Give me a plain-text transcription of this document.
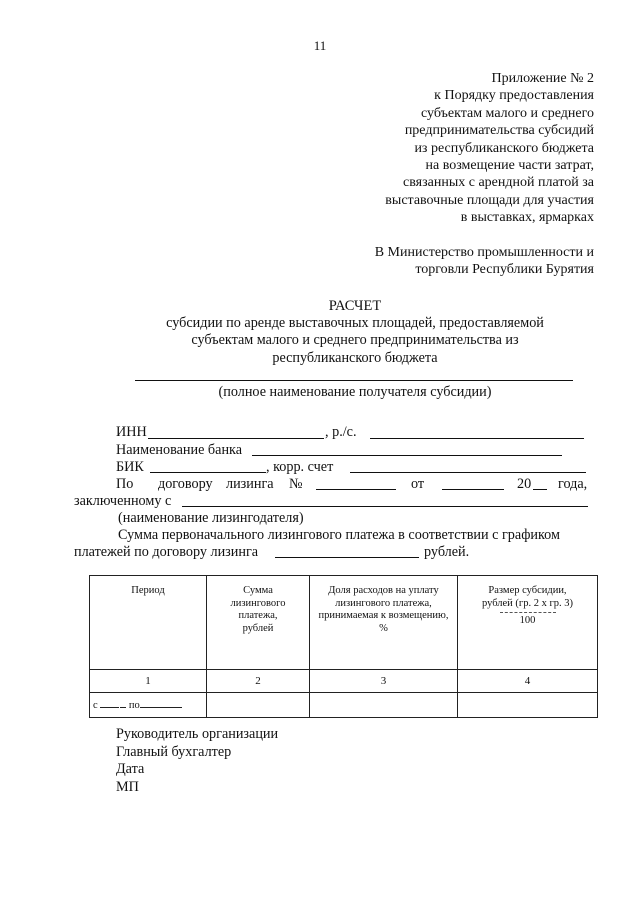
11
Приложение № 2
к Порядку предоставления
субъектам малого и среднего
предпринимательства субсидий
из республиканского бюджета
на возмещение части затрат,
связанных с арендной платой за
выставочные площади для участия
в выставках, ярмарках
В Министерство промышленности и
торговли Республики Бурятия
РАСЧЕТ
субсидии по аренде выставочных площадей, предоставляемой
субъектам малого и среднего предпринимательства из
республиканского бюджета
(полное наименование получателя субсидии)
ИНН	, р./с.
Наименование банка
БИК	, корр. счет
По договору лизинга №	от	20 года,
заключенному с
(наименование лизингодателя)
Сумма первоначального лизингового платежа в соответствии с графиком
платежей по договору лизинга	рублей.
Период	Сумма лизингового платежа, рублей	Доля расходов на уплату лизингового платежа, принимаемая к возмещению, %	Размер субсидии, рублей (гр. 2 х гр. 3)
100

1	2	3	4
с по			
Руководитель организации
Главный бухгалтер
Дата
МП
